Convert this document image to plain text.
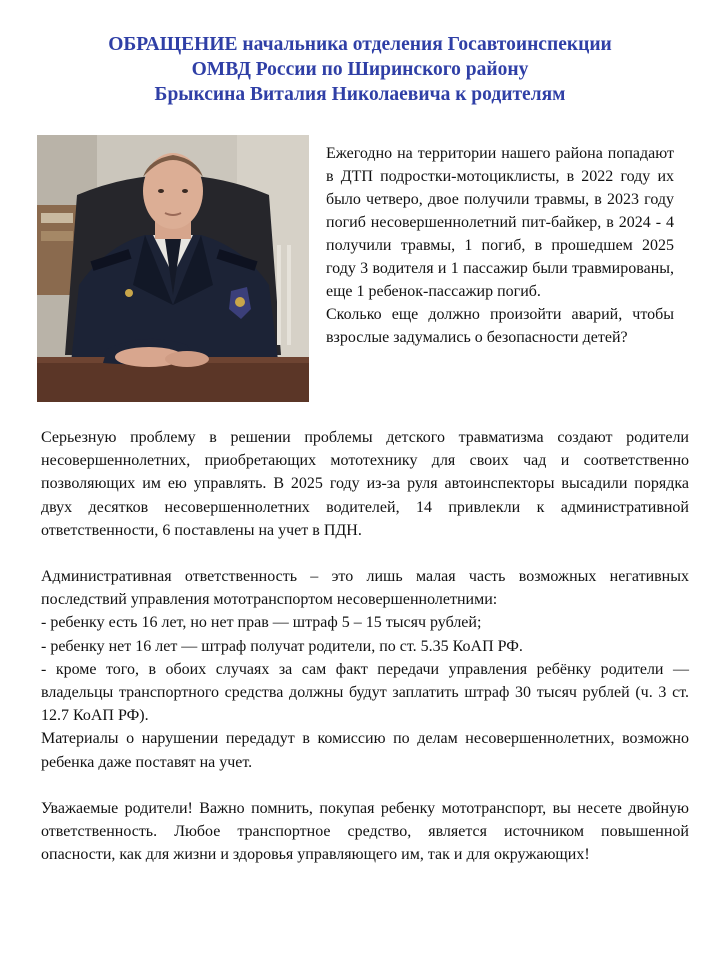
ОБРАЩЕНИЕ начальника отделения Госавтоинспекции
ОМВД России по Ширинского району
Брыксина Виталия Николаевича к родителям

Ежегодно на территории нашего района попадают в ДТП подростки-мотоциклисты, в 2022 году их было четверо, двое получили травмы, в 2023 году погиб несовершеннолетний пит-байкер, в 2024 - 4 получили травмы, 1 погиб, в прошедшем 2025 году 3 водителя и 1 пассажир были травмированы, еще 1 ребенок-пассажир погиб.

Сколько еще должно произойти аварий, чтобы взрослые задумались о безопасности детей?

Серьезную проблему в решении проблемы детского травматизма создают родители несовершеннолетних, приобретающих мототехнику для своих чад и соответственно позволяющих им ею управлять. В 2025 году из-за руля автоинспекторы высадили порядка двух десятков несовершеннолетних водителей, 14 привлекли к административной ответственности, 6 поставлены на учет в ПДН.

Административная ответственность – это лишь малая часть возможных негативных последствий управления мототранспортом несовершеннолетними:

- ребенку есть 16 лет, но нет прав — штраф 5 – 15 тысяч рублей;

- ребенку нет 16 лет — штраф получат родители, по ст. 5.35 КоАП РФ.

- кроме того, в обоих случаях за сам факт передачи управления ребёнку родители — владельцы транспортного средства должны будут заплатить штраф 30 тысяч рублей (ч. 3 ст. 12.7 КоАП РФ).

Материалы о нарушении передадут в комиссию по делам несовершеннолетних, возможно ребенка даже поставят на учет.

Уважаемые родители! Важно помнить, покупая ребенку мототранспорт, вы несете двойную ответственность. Любое транспортное средство, является источником повышенной опасности, как для жизни и здоровья управляющего им, так и для окружающих!
